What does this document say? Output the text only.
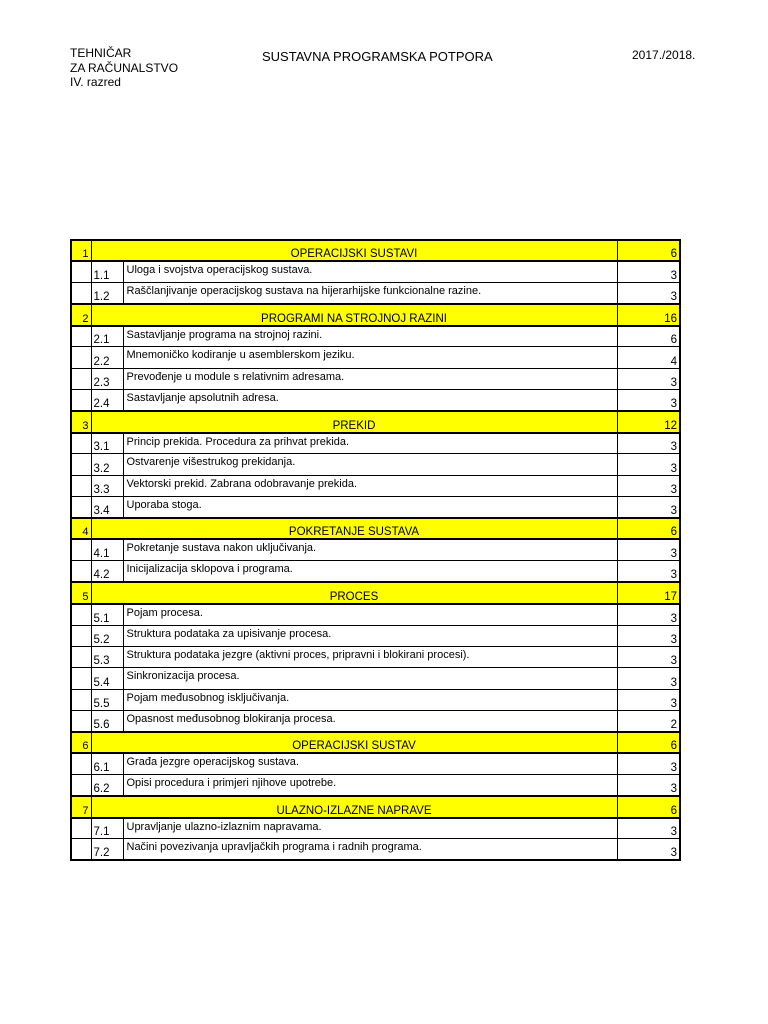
TEHNIČAR
ZA RAČUNALSTVO
IV. razred
SUSTAVNA PROGRAMSKA POTPORA	2017./2018.
1	OPERACIJSKI SUSTAVI		6
	1.1	Uloga i svojstva operacijskog sustava.	3
	1.2	Raščlanjivanje operacijskog sustava na hijerarhijske funkcionalne razine.	3
2	PROGRAMI NA STROJNOJ RAZINI		16
	2.1	Sastavljanje programa na strojnoj razini.	6
	2.2	Mnemoničko kodiranje u asemblerskom jeziku.	4
	2.3	Prevođenje u module s relativnim adresama.	3
	2.4	Sastavljanje apsolutnih adresa.	3
3	PREKID		12
	3.1	Princip prekida. Procedura za prihvat prekida.	3
	3.2	Ostvarenje višestrukog prekidanja.	3
	3.3	Vektorski prekid. Zabrana odobravanje prekida.	3
	3.4	Uporaba stoga.	3
4	POKRETANJE SUSTAVA		6
	4.1	Pokretanje sustava nakon uključivanja.	3
	4.2	Inicijalizacija sklopova i programa.	3
5	PROCES		17
	5.1	Pojam procesa.	3
	5.2	Struktura podataka za upisivanje procesa.	3
	5.3	Struktura podataka jezgre (aktivni proces, pripravni i blokirani procesi).	3
	5.4	Sinkronizacija procesa.	3
	5.5	Pojam međusobnog isključivanja.	3
	5.6	Opasnost međusobnog blokiranja procesa.	2
6	OPERACIJSKI SUSTAV		6
	6.1	Građa jezgre operacijskog sustava.	3
	6.2	Opisi procedura i primjeri njihove upotrebe.	3
7	ULAZNO-IZLAZNE NAPRAVE		6
	7.1	Upravljanje ulazno-izlaznim napravama.	3
	7.2	Načini povezivanja upravljačkih programa i radnih programa.	3
